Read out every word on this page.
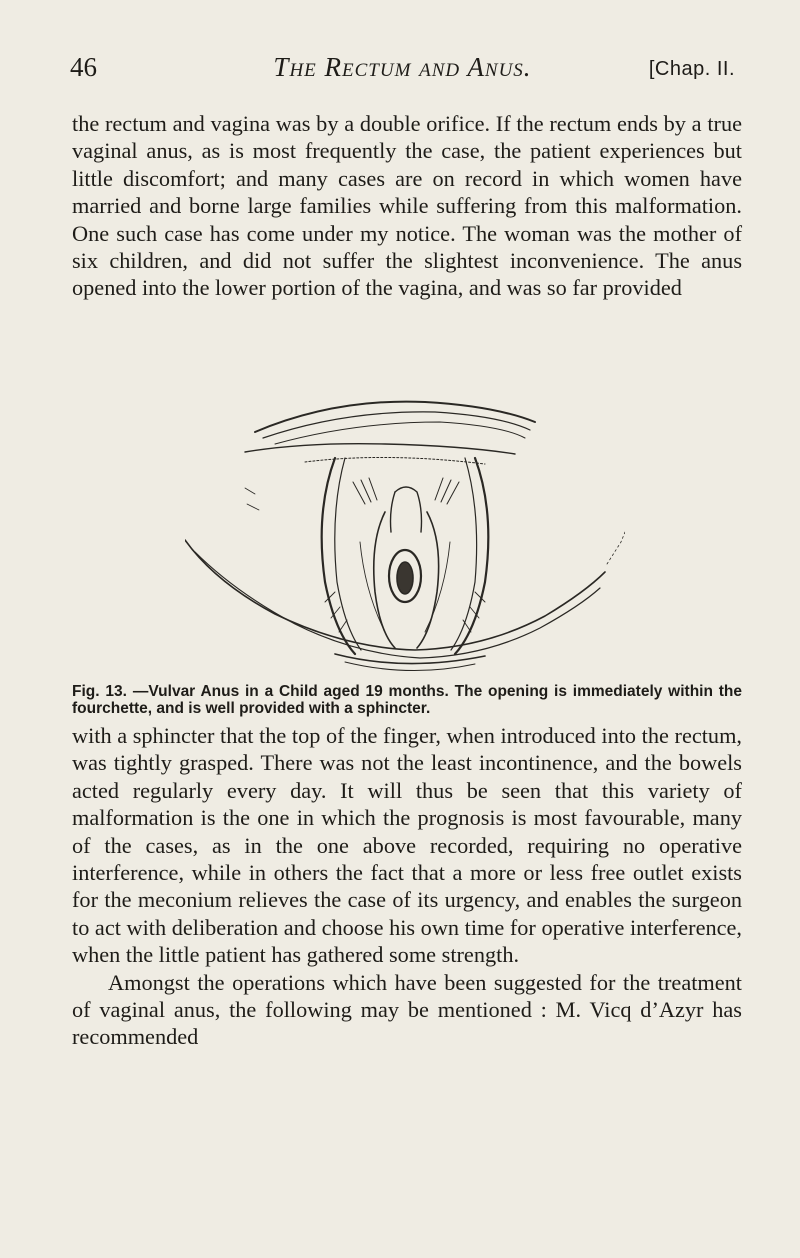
46	The Rectum and Anus.	[Chap. II.
the rectum and vagina was by a double orifice. If the rectum ends by a true vaginal anus, as is most frequently the case, the patient experiences but little discomfort; and many cases are on record in which women have married and borne large families while suffering from this malformation. One such case has come under my notice. The woman was the mother of six children, and did not suffer the slightest inconvenience. The anus opened into the lower portion of the vagina, and was so far provided
Fig. 13. —Vulvar Anus in a Child aged 19 months. The opening is immediately within the fourchette, and is well provided with a sphincter.

with a sphincter that the top of the finger, when introduced into the rectum, was tightly grasped. There was not the least incontinence, and the bowels acted regularly every day. It will thus be seen that this variety of malformation is the one in which the prognosis is most favourable, many of the cases, as in the one above recorded, requiring no operative interference, while in others the fact that a more or less free outlet exists for the meconium relieves the case of its urgency, and enables the surgeon to act with deliberation and choose his own time for operative interference, when the little patient has gathered some strength.

Amongst the operations which have been suggested for the treatment of vaginal anus, the following may be mentioned : M. Vicq d’Azyr has recommended
